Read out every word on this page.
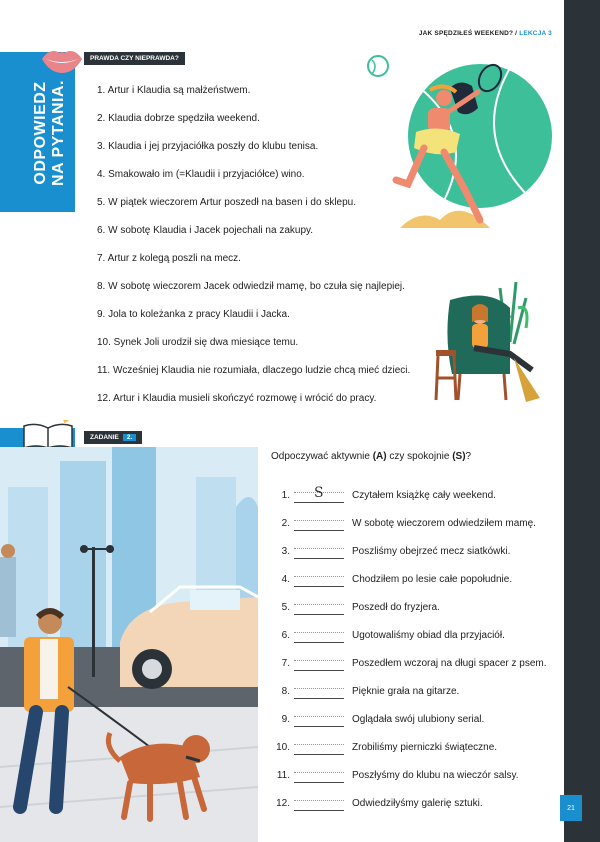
JAK SPĘDZIŁEŚ WEEKEND? / LEKCJA 3
21
ODPOWIEDZ
NA PYTANIA.
PRAWDA CZY NIEPRAWDA?
1. Artur i Klaudia są małżeństwem.
2. Klaudia dobrze spędziła weekend.
3. Klaudia i jej przyjaciółka poszły do klubu tenisa.
4. Smakowało im (=Klaudii i przyjaciółce) wino.
5. W piątek wieczorem Artur poszedł na basen i do sklepu.
6. W sobotę Klaudia i Jacek pojechali na zakupy.
7. Artur z kolegą poszli na mecz.
8. W sobotę wieczorem Jacek odwiedził mamę, bo czuła się najlepiej.
9. Jola to koleżanka z pracy Klaudii i Jacka.
10. Synek Joli urodził się dwa miesiące temu.
11. Wcześniej Klaudia nie rozumiała, dlaczego ludzie chcą mieć dzieci.
12. Artur i Klaudia musieli skończyć rozmowę i wrócić do pracy.
ZADANIE 2.
Odpoczywać aktywnie (A) czy spokojnie (S)?
1. S	Czytałem książkę cały weekend.
2.	W sobotę wieczorem odwiedziłem mamę.
3.	Poszliśmy obejrzeć mecz siatkówki.
4.	Chodziłem po lesie całe popołudnie.
5.	Poszedł do fryzjera.
6.	Ugotowaliśmy obiad dla przyjaciół.
7.	Poszedłem wczoraj na długi spacer z psem.
8.	Pięknie grała na gitarze.
9.	Oglądała swój ulubiony serial.
10.	Zrobiliśmy pierniczki świąteczne.
11.	Poszłyśmy do klubu na wieczór salsy.
12.	Odwiedziłyśmy galerię sztuki.
